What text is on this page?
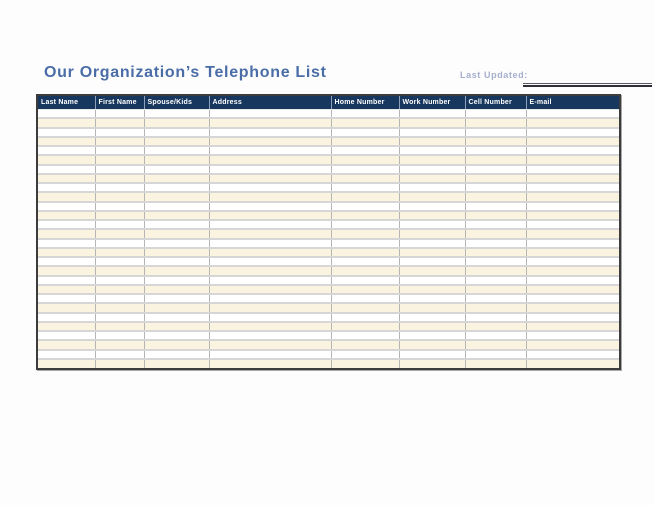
Our Organization’s Telephone List	Last Updated:
Last Name	First Name	Spouse/Kids	Address	Home Number	Work Number	Cell Number	E-mail
